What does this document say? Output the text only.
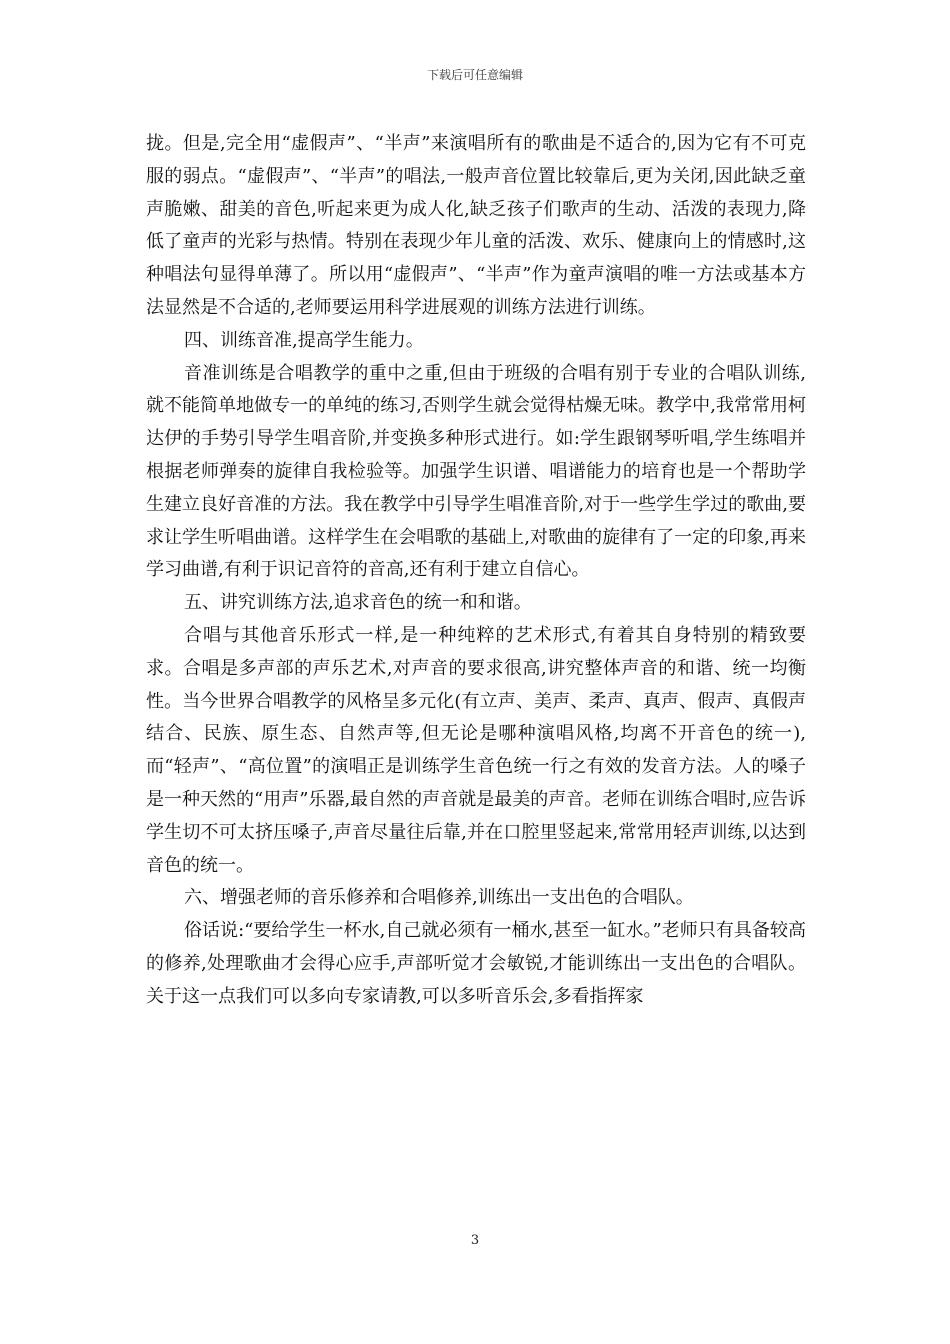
下载后可任意编辑

拢。但是,完全用“虚假声”、“半声”来演唱所有的歌曲是不适合的,因为它有不可克服的弱点。“虚假声”、“半声”的唱法,一般声音位置比较靠后,更为关闭,因此缺乏童声脆嫩、甜美的音色,听起来更为成人化,缺乏孩子们歌声的生动、活泼的表现力,降低了童声的光彩与热情。特别在表现少年儿童的活泼、欢乐、健康向上的情感时,这种唱法句显得单薄了。所以用“虚假声”、“半声”作为童声演唱的唯一方法或基本方法显然是不合适的,老师要运用科学进展观的训练方法进行训练。

四、训练音准,提高学生能力。

音准训练是合唱教学的重中之重,但由于班级的合唱有别于专业的合唱队训练,就不能简单地做专一的单纯的练习,否则学生就会觉得枯燥无味。教学中,我常常用柯达伊的手势引导学生唱音阶,并变换多种形式进行。如:学生跟钢琴听唱,学生练唱并根据老师弹奏的旋律自我检验等。加强学生识谱、唱谱能力的培育也是一个帮助学生建立良好音准的方法。我在教学中引导学生唱准音阶,对于一些学生学过的歌曲,要求让学生听唱曲谱。这样学生在会唱歌的基础上,对歌曲的旋律有了一定的印象,再来学习曲谱,有利于识记音符的音高,还有利于建立自信心。

五、讲究训练方法,追求音色的统一和和谐。

合唱与其他音乐形式一样,是一种纯粹的艺术形式,有着其自身特别的精致要求。合唱是多声部的声乐艺术,对声音的要求很高,讲究整体声音的和谐、统一均衡性。当今世界合唱教学的风格呈多元化(有立声、美声、柔声、真声、假声、真假声结合、民族、原生态、自然声等,但无论是哪种演唱风格,均离不开音色的统一),而“轻声”、“高位置”的演唱正是训练学生音色统一行之有效的发音方法。人的嗓子是一种天然的“用声”乐器,最自然的声音就是最美的声音。老师在训练合唱时,应告诉学生切不可太挤压嗓子,声音尽量往后靠,并在口腔里竖起来,常常用轻声训练,以达到音色的统一。

六、增强老师的音乐修养和合唱修养,训练出一支出色的合唱队。

俗话说:“要给学生一杯水,自己就必须有一桶水,甚至一缸水。”老师只有具备较高的修养,处理歌曲才会得心应手,声部听觉才会敏锐,才能训练出一支出色的合唱队。关于这一点我们可以多向专家请教,可以多听音乐会,多看指挥家

3
